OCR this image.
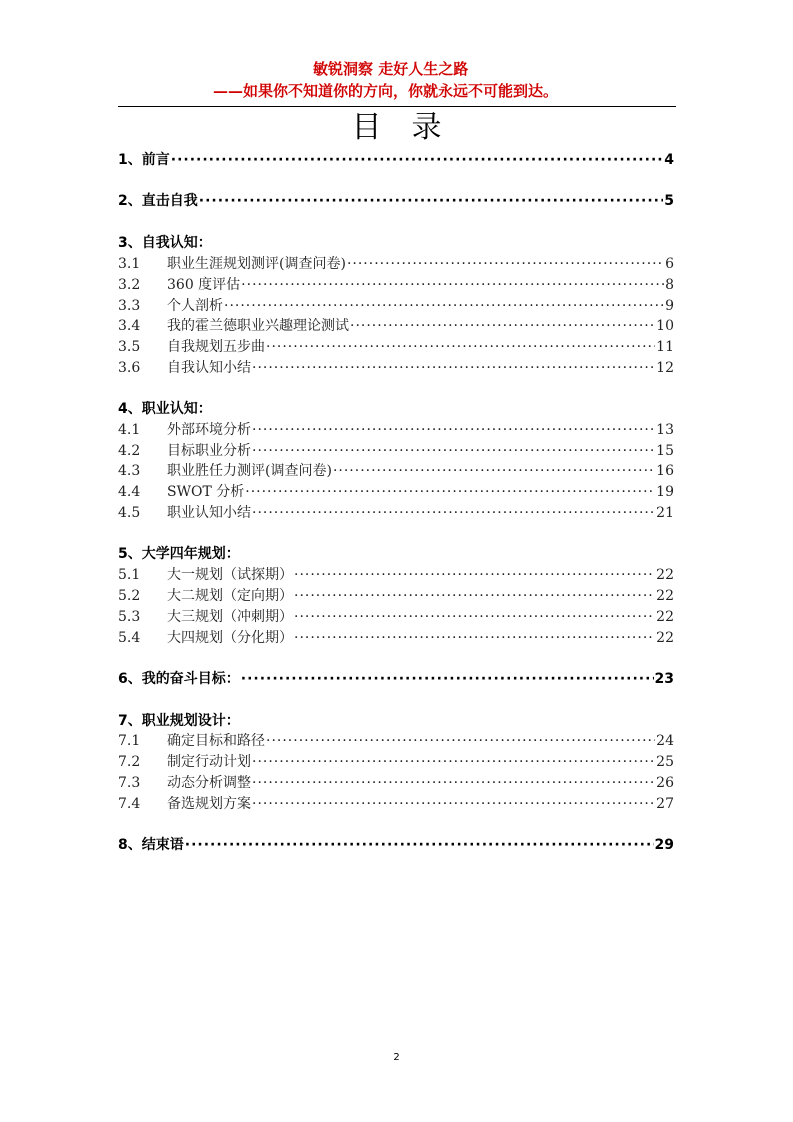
敏锐洞察 走好人生之路
——如果你不知道你的方向，你就永远不可能到达。
目录
1、前言 ·····	4
2、直击自我 ·····	5
3、自我认知：
3.1	职业生涯规划测评(调查问卷) ·····	6
3.2	360 度评估 ·····	8
3.3	个人剖析 ·····	9
3.4	我的霍兰德职业兴趣理论测试 ·····	10
3.5	自我规划五步曲 ·····	11
3.6	自我认知小结 ·····	12
4、职业认知：
4.1	外部环境分析 ·····	13
4.2	目标职业分析 ·····	15
4.3	职业胜任力测评(调查问卷) ·····	16
4.4	SWOT 分析 ·····	19
4.5	职业认知小结 ·····	21
5、大学四年规划：
5.1	大一规划（试探期） ·····	22
5.2	大二规划（定向期） ·····	22
5.3	大三规划（冲刺期） ·····	22
5.4	大四规划（分化期） ·····	22
6、我的奋斗目标： ·····	23
7、职业规划设计：
7.1	确定目标和路径 ·····	24
7.2	制定行动计划 ·····	25
7.3	动态分析调整 ·····	26
7.4	备选规划方案 ·····	27
8、结束语 ·····	29
2
